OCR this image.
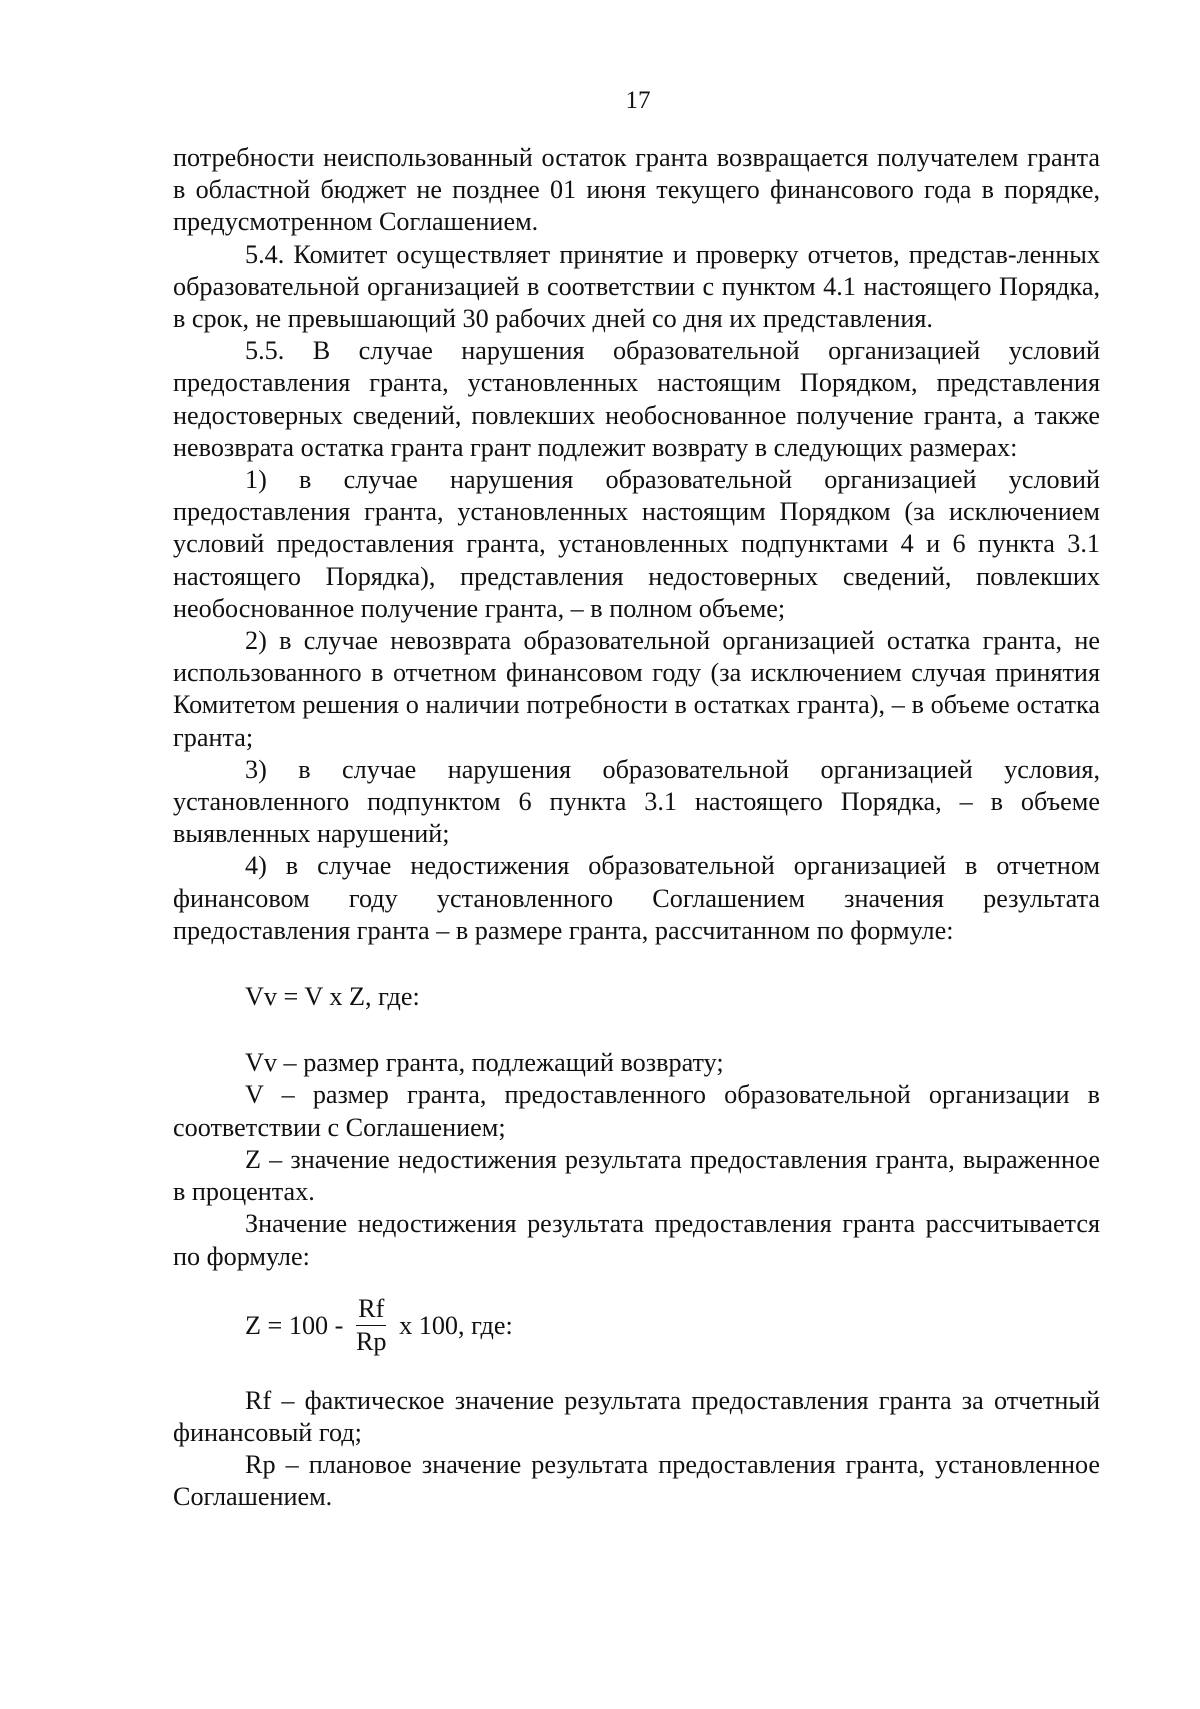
17

потребности неиспользованный остаток гранта возвращается получателем гранта в областной бюджет не позднее 01 июня текущего финансового года в порядке, предусмотренном Соглашением.

5.4. Комитет осуществляет принятие и проверку отчетов, представ-ленных образовательной организацией в соответствии с пунктом 4.1 настоящего Порядка, в срок, не превышающий 30 рабочих дней со дня их представления.

5.5. В случае нарушения образовательной организацией условий предоставления гранта, установленных настоящим Порядком, представления недостоверных сведений, повлекших необоснованное получение гранта, а также невозврата остатка гранта грант подлежит возврату в следующих размерах:

1) в случае нарушения образовательной организацией условий предоставления гранта, установленных настоящим Порядком (за исключением условий предоставления гранта, установленных подпунктами 4 и 6 пункта 3.1 настоящего Порядка), представления недостоверных сведений, повлекших необоснованное получение гранта, – в полном объеме;

2) в случае невозврата образовательной организацией остатка гранта, не использованного в отчетном финансовом году (за исключением случая принятия Комитетом решения о наличии потребности в остатках гранта), – в объеме остатка гранта;

3) в случае нарушения образовательной организацией условия, установленного подпунктом 6 пункта 3.1 настоящего Порядка, – в объеме выявленных нарушений;

4) в случае недостижения образовательной организацией в отчетном финансовом году установленного Соглашением значения результата предоставления гранта – в размере гранта, рассчитанном по формуле:

Vv = V x Z, где:

Vv – размер гранта, подлежащий возврату;

V – размер гранта, предоставленного образовательной организации в соответствии с Соглашением;

Z – значение недостижения результата предоставления гранта, выраженное в процентах.

Значение недостижения результата предоставления гранта рассчитывается по формуле:

$Z = 100 - \frac{Rf}{Rp}$ x 100, где:

Rf – фактическое значение результата предоставления гранта за отчетный финансовый год;

Rp – плановое значение результата предоставления гранта, установленное Соглашением.
